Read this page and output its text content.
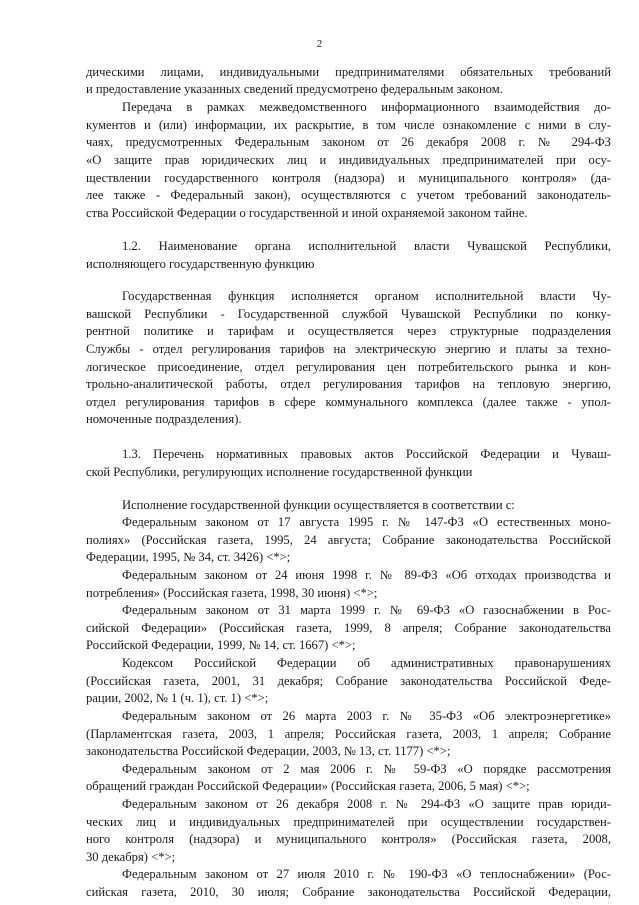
2
дическими лицами, индивидуальными предпринимателями обязательных требований
и предоставление указанных сведений предусмотрено федеральным законом.
Передача в рамках межведомственного информационного взаимодействия до-
кументов и (или) информации, их раскрытие, в том числе ознакомление с ними в слу-
чаях, предусмотренных Федеральным законом от 26 декабря 2008 г. № 294-ФЗ
«О защите прав юридических лиц и индивидуальных предпринимателей при осу-
ществлении государственного контроля (надзора) и муниципального контроля» (да-
лее также - Федеральный закон), осуществляются с учетом требований законодатель-
ства Российской Федерации о государственной и иной охраняемой законом тайне.
1.2. Наименование органа исполнительной власти Чувашской Республики,
исполняющего государственную функцию
Государственная функция исполняется органом исполнительной власти Чу-
вашской Республики - Государственной службой Чувашской Республики по конку-
рентной политике и тарифам и осуществляется через структурные подразделения
Службы - отдел регулирования тарифов на электрическую энергию и платы за техно-
логическое присоединение, отдел регулирования цен потребительского рынка и кон-
трольно-аналитической работы, отдел регулирования тарифов на тепловую энергию,
отдел регулирования тарифов в сфере коммунального комплекса (далее также - упол-
номоченные подразделения).
1.3. Перечень нормативных правовых актов Российской Федерации и Чуваш-
ской Республики, регулирующих исполнение государственной функции
Исполнение государственной функции осуществляется в соответствии с:
Федеральным законом от 17 августа 1995 г. № 147-ФЗ «О естественных моно-
полиях» (Российская газета, 1995, 24 августа; Собрание законодательства Российской
Федерации, 1995, № 34, ст. 3426) <*>;
Федеральным законом от 24 июня 1998 г. № 89-ФЗ «Об отходах производства и
потребления» (Российская газета, 1998, 30 июня) <*>;
Федеральным законом от 31 марта 1999 г. № 69-ФЗ «О газоснабжении в Рос-
сийской Федерации» (Российская газета, 1999, 8 апреля; Собрание законодательства
Российской Федерации, 1999, № 14, ст. 1667) <*>;
Кодексом Российской Федерации об административных правонарушениях
(Российская газета, 2001, 31 декабря; Собрание законодательства Российской Феде-
рации, 2002, № 1 (ч. 1), ст. 1) <*>;
Федеральным законом от 26 марта 2003 г. № 35-ФЗ «Об электроэнергетике»
(Парламентская газета, 2003, 1 апреля; Российская газета, 2003, 1 апреля; Собрание
законодательства Российской Федерации, 2003, № 13, ст. 1177) <*>;
Федеральным законом от 2 мая 2006 г. № 59-ФЗ «О порядке рассмотрения
обращений граждан Российской Федерации» (Российская газета, 2006, 5 мая) <*>;
Федеральным законом от 26 декабря 2008 г. № 294-ФЗ «О защите прав юриди-
ческих лиц и индивидуальных предпринимателей при осуществлении государствен-
ного контроля (надзора) и муниципального контроля» (Российская газета, 2008,
30 декабря) <*>;
Федеральным законом от 27 июля 2010 г. № 190-ФЗ «О теплоснабжении» (Рос-
сийская газета, 2010, 30 июля; Собрание законодательства Российской Федерации,
